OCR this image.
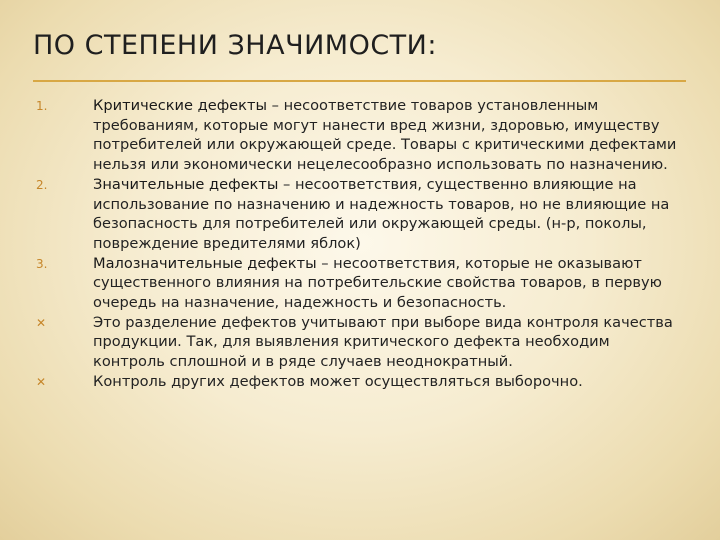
ПО СТЕПЕНИ ЗНАЧИМОСТИ:
1.	Критические дефекты – несоответствие товаров установленным требованиям, которые могут нанести вред жизни, здоровью, имуществу потребителей или окружающей среде. Товары с критическими дефектами нельзя или экономически нецелесообразно использовать по назначению.
2.	Значительные дефекты – несоответствия, существенно влияющие на использование по назначению и надежность товаров, но не влияющие на безопасность для потребителей или окружающей среды. (н-р, поколы, повреждение вредителями яблок)
3.	Малозначительные дефекты – несоответствия, которые не оказывают существенного влияния на потребительские свойства товаров, в первую очередь на назначение, надежность и безопасность.
✕	Это разделение дефектов учитывают при выборе вида контроля качества продукции. Так, для выявления критического дефекта необходим контроль сплошной и в ряде случаев неоднократный.
✕	Контроль других дефектов может осуществляться выборочно.
